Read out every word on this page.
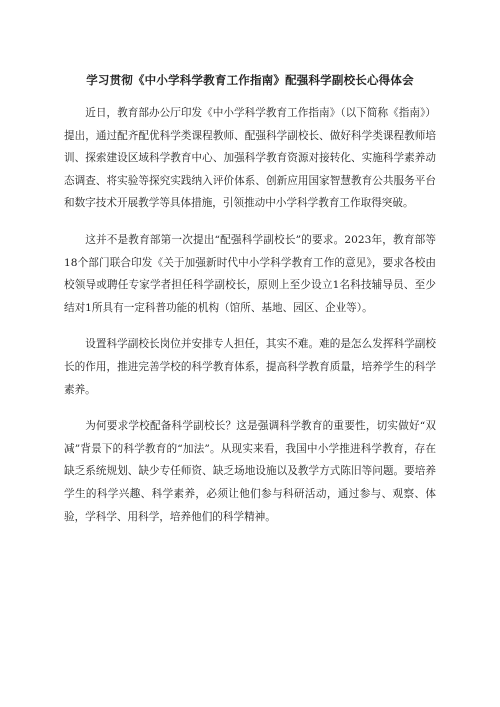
学习贯彻《中小学科学教育工作指南》配强科学副校长心得体会

近日，教育部办公厅印发《中小学科学教育工作指南》（以下简称《指南》）提出，通过配齐配优科学类课程教师、配强科学副校长、做好科学类课程教师培训、探索建设区域科学教育中心、加强科学教育资源对接转化、实施科学素养动态调查、将实验等探究实践纳入评价体系、创新应用国家智慧教育公共服务平台和数字技术开展教学等具体措施，引领推动中小学科学教育工作取得突破。

这并不是教育部第一次提出“配强科学副校长”的要求。2023年，教育部等18个部门联合印发《关于加强新时代中小学科学教育工作的意见》，要求各校由校领导或聘任专家学者担任科学副校长，原则上至少设立1名科技辅导员、至少结对1所具有一定科普功能的机构（馆所、基地、园区、企业等）。

设置科学副校长岗位并安排专人担任，其实不难。难的是怎么发挥科学副校长的作用，推进完善学校的科学教育体系，提高科学教育质量，培养学生的科学素养。

为何要求学校配备科学副校长？这是强调科学教育的重要性，切实做好“双减”背景下的科学教育的“加法”。从现实来看，我国中小学推进科学教育，存在缺乏系统规划、缺少专任师资、缺乏场地设施以及教学方式陈旧等问题。要培养学生的科学兴趣、科学素养，必须让他们参与科研活动，通过参与、观察、体验，学科学、用科学，培养他们的科学精神。
